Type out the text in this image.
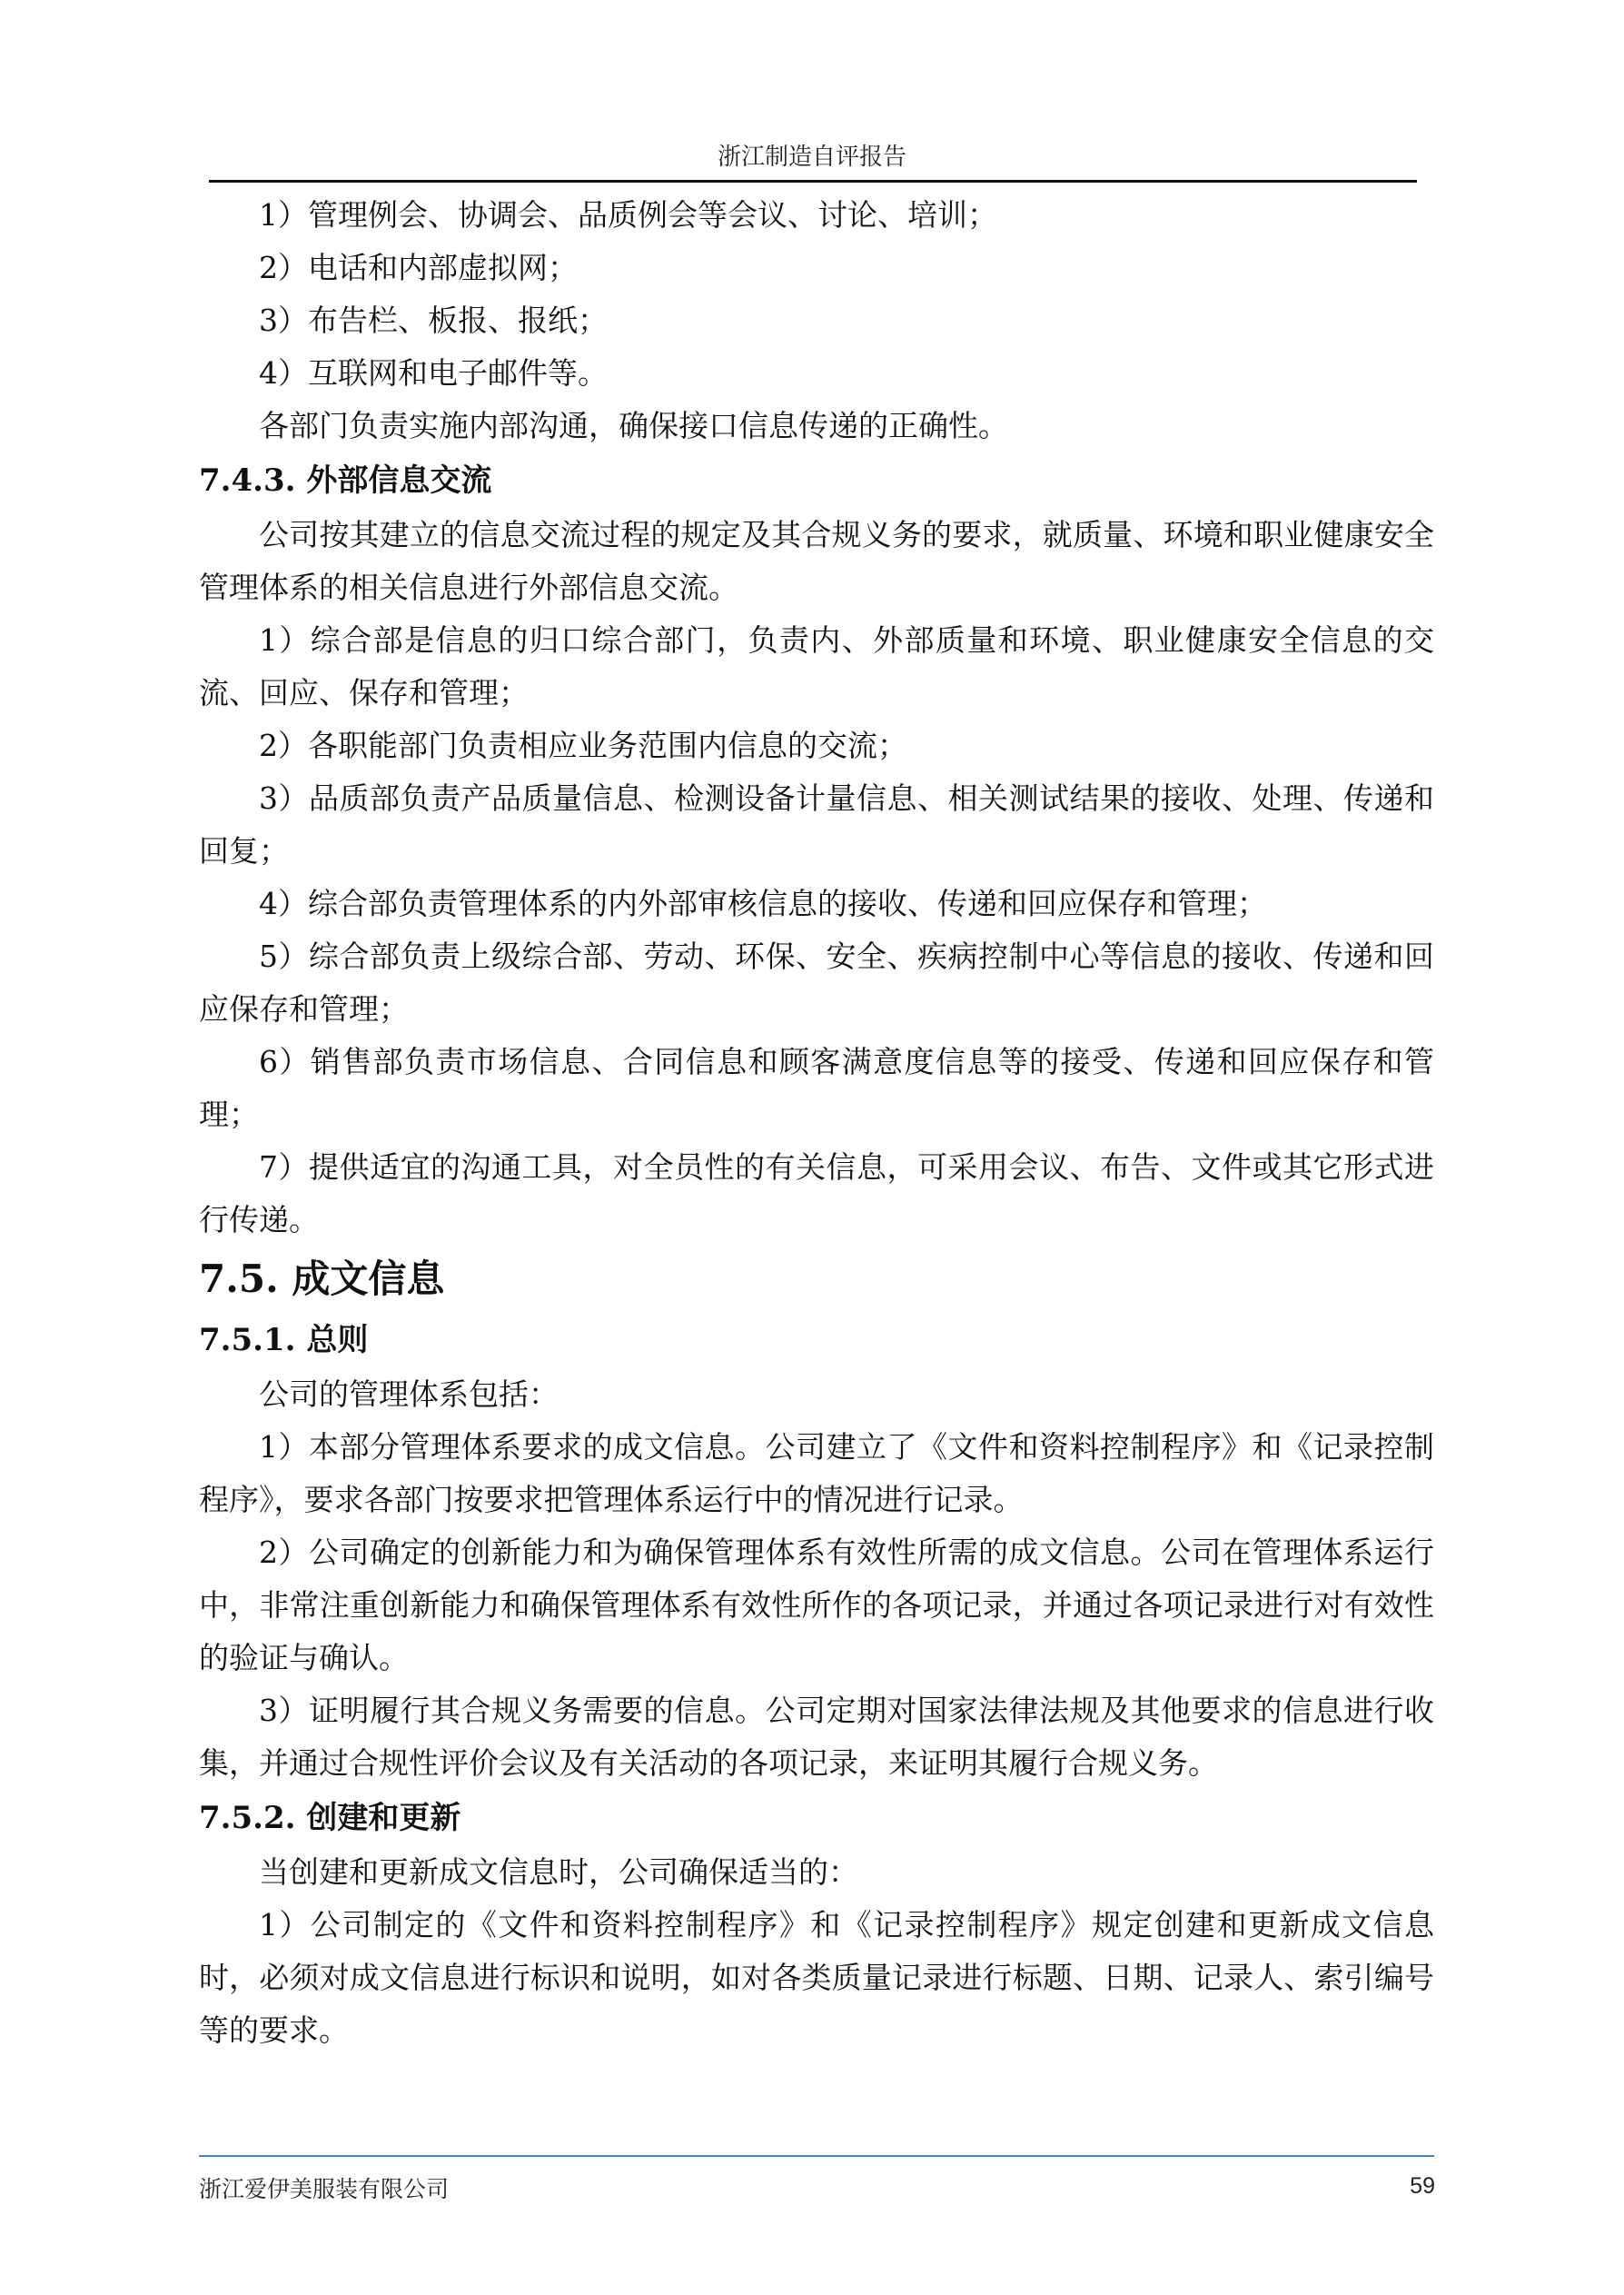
浙江制造自评报告

1）管理例会、协调会、品质例会等会议、讨论、培训；

2）电话和内部虚拟网；

3）布告栏、板报、报纸；

4）互联网和电子邮件等。

各部门负责实施内部沟通，确保接口信息传递的正确性。

7.4.3. 外部信息交流

公司按其建立的信息交流过程的规定及其合规义务的要求，就质量、环境和职业健康安全管理体系的相关信息进行外部信息交流。

1）综合部是信息的归口综合部门，负责内、外部质量和环境、职业健康安全信息的交流、回应、保存和管理；

2）各职能部门负责相应业务范围内信息的交流；

3）品质部负责产品质量信息、检测设备计量信息、相关测试结果的接收、处理、传递和回复；

4）综合部负责管理体系的内外部审核信息的接收、传递和回应保存和管理；

5）综合部负责上级综合部、劳动、环保、安全、疾病控制中心等信息的接收、传递和回应保存和管理；

6）销售部负责市场信息、合同信息和顾客满意度信息等的接受、传递和回应保存和管理；

7）提供适宜的沟通工具，对全员性的有关信息，可采用会议、布告、文件或其它形式进行传递。

7.5. 成文信息

7.5.1. 总则

公司的管理体系包括：

1）本部分管理体系要求的成文信息。公司建立了《文件和资料控制程序》和《记录控制程序》，要求各部门按要求把管理体系运行中的情况进行记录。

2）公司确定的创新能力和为确保管理体系有效性所需的成文信息。公司在管理体系运行中，非常注重创新能力和确保管理体系有效性所作的各项记录，并通过各项记录进行对有效性的验证与确认。

3）证明履行其合规义务需要的信息。公司定期对国家法律法规及其他要求的信息进行收集，并通过合规性评价会议及有关活动的各项记录，来证明其履行合规义务。

7.5.2. 创建和更新

当创建和更新成文信息时，公司确保适当的：

1）公司制定的《文件和资料控制程序》和《记录控制程序》规定创建和更新成文信息时，必须对成文信息进行标识和说明，如对各类质量记录进行标题、日期、记录人、索引编号等的要求。

浙江爱伊美服装有限公司	59
